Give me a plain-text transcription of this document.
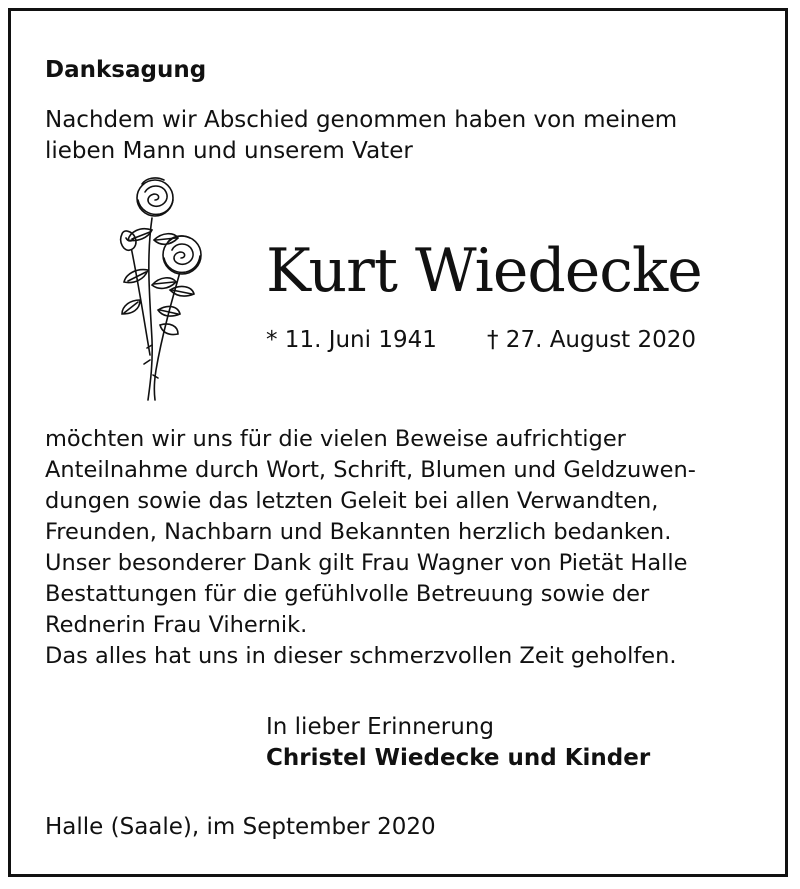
Danksagung
Nachdem wir Abschied genommen haben von meinem
lieben Mann und unserem Vater
Kurt Wiedecke
* 11. Juni 1941 † 27. August 2020
möchten wir uns für die vielen Beweise aufrichtiger
Anteilnahme durch Wort, Schrift, Blumen und Geldzuwen-
dungen sowie das letzten Geleit bei allen Verwandten,
Freunden, Nachbarn und Bekannten herzlich bedanken.
Unser besonderer Dank gilt Frau Wagner von Pietät Halle
Bestattungen für die gefühlvolle Betreuung sowie der
Rednerin Frau Vihernik.
Das alles hat uns in dieser schmerzvollen Zeit geholfen.
In lieber Erinnerung
Christel Wiedecke und Kinder
Halle (Saale), im September 2020
